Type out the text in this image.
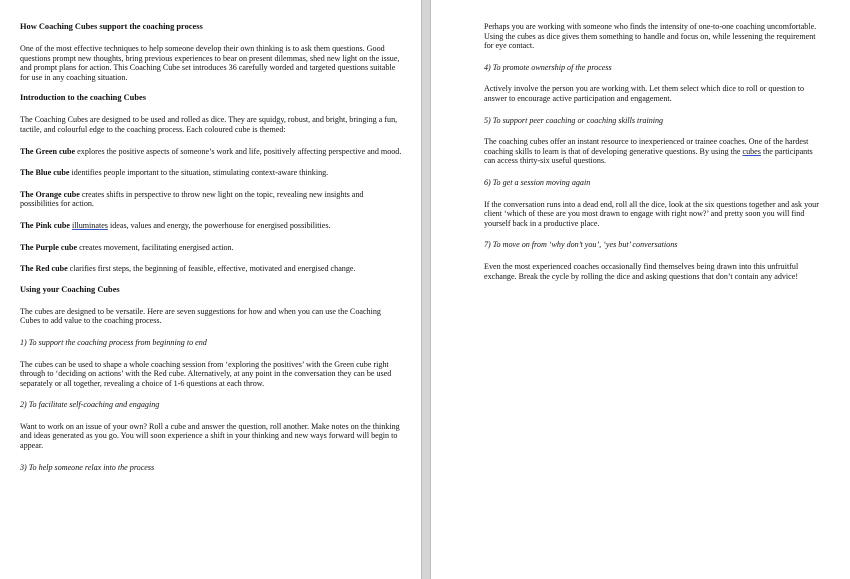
How Coaching Cubes support the coaching process

One of the most effective techniques to help someone develop their own thinking is to ask them questions. Good questions prompt new thoughts, bring previous experiences to bear on present dilemmas, shed new light on the issue, and prompt plans for action. This Coaching Cube set introduces 36 carefully worded and targeted questions suitable for use in any coaching situation.

Introduction to the coaching Cubes

The Coaching Cubes are designed to be used and rolled as dice. They are squidgy, robust, and bright, bringing a fun, tactile, and colourful edge to the coaching process. Each coloured cube is themed:

The Green cube explores the positive aspects of someone’s work and life, positively affecting perspective and mood.

The Blue cube identifies people important to the situation, stimulating context-aware thinking.

The Orange cube creates shifts in perspective to throw new light on the topic, revealing new insights and possibilities for action.

The Pink cube illuminates ideas, values and energy, the powerhouse for energised possibilities.

The Purple cube creates movement, facilitating energised action.

The Red cube clarifies first steps, the beginning of feasible, effective, motivated and energised change.

Using your Coaching Cubes

The cubes are designed to be versatile. Here are seven suggestions for how and when you can use the Coaching Cubes to add value to the coaching process.

1) To support the coaching process from beginning to end

The cubes can be used to shape a whole coaching session from ‘exploring the positives’ with the Green cube right through to ‘deciding on actions’ with the Red cube. Alternatively, at any point in the conversation they can be used separately or all together, revealing a choice of 1-6 questions at each throw.

2) To facilitate self-coaching and engaging

Want to work on an issue of your own? Roll a cube and answer the question, roll another. Make notes on the thinking and ideas generated as you go. You will soon experience a shift in your thinking and new ways forward will begin to appear.

3) To help someone relax into the process

Perhaps you are working with someone who finds the intensity of one-to-one coaching uncomfortable. Using the cubes as dice gives them something to handle and focus on, while lessening the requirement for eye contact.

4) To promote ownership of the process

Actively involve the person you are working with. Let them select which dice to roll or question to answer to encourage active participation and engagement.

5) To support peer coaching or coaching skills training

The coaching cubes offer an instant resource to inexperienced or trainee coaches. One of the hardest coaching skills to learn is that of developing generative questions. By using the cubes the participants can access thirty-six useful questions.

6) To get a session moving again

If the conversation runs into a dead end, roll all the dice, look at the six questions together and ask your client ‘which of these are you most drawn to engage with right now?’ and pretty soon you will find yourself back in a productive place.

7) To move on from ‘why don’t you’, ‘yes but’ conversations

Even the most experienced coaches occasionally find themselves being drawn into this unfruitful exchange. Break the cycle by rolling the dice and asking questions that don’t contain any advice!
